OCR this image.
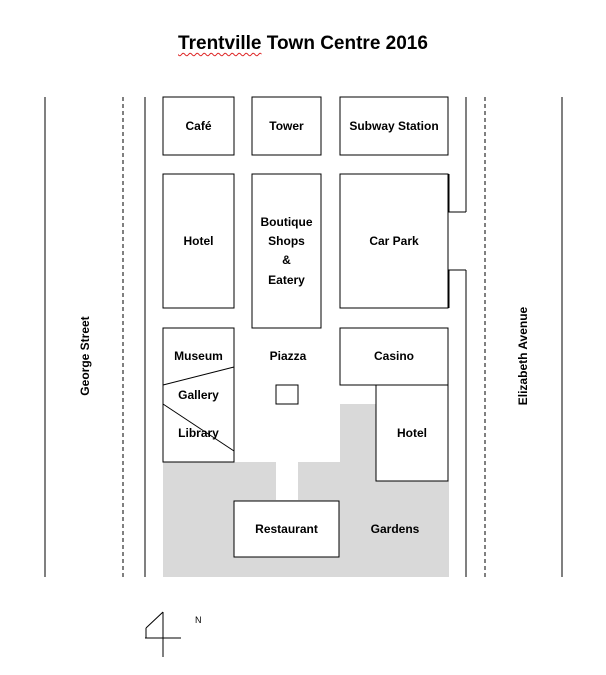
Trentville Town Centre 2016
George Street	Elizabeth Avenue
Café	Tower	Subway Station
Hotel
Boutique
Shops
&
Eatery
Car Park
Museum
Gallery
Library
Piazza	Casino
Hotel
Restaurant	Gardens
N
